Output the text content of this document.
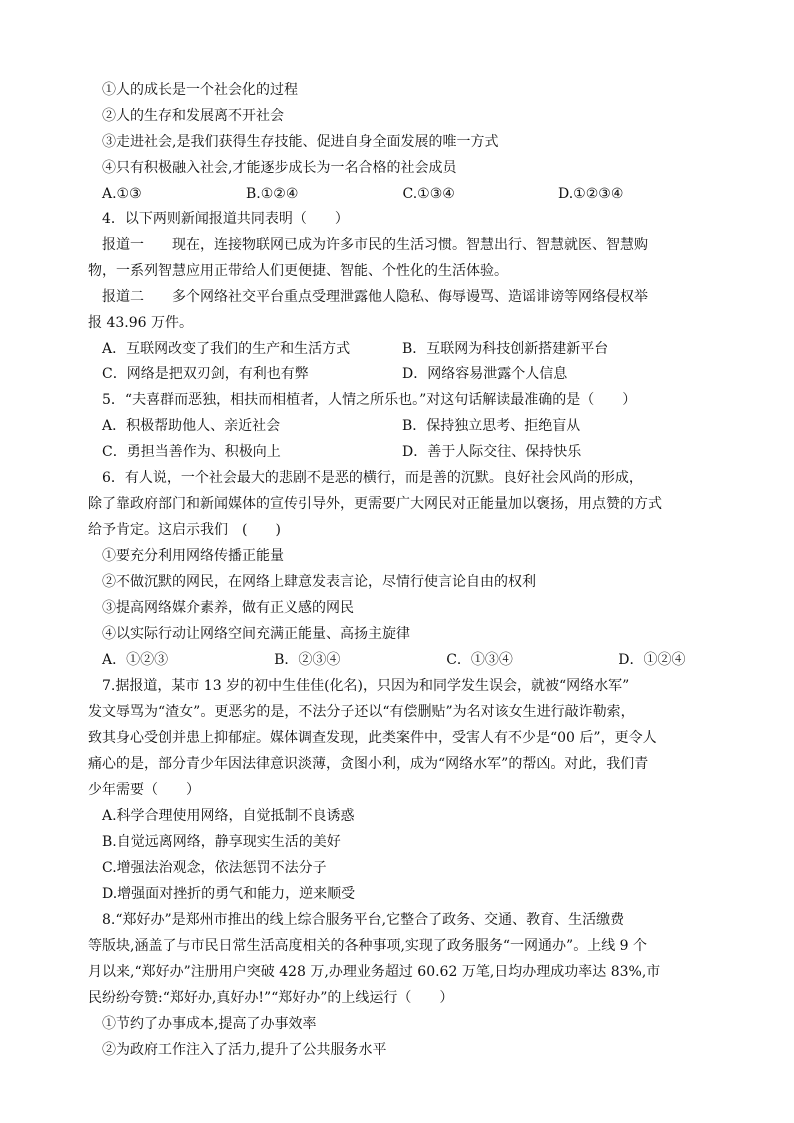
①人的成长是一个社会化的过程
②人的生存和发展离不开社会
③走进社会,是我们获得生存技能、促进自身全面发展的唯一方式
④只有积极融入社会,才能逐步成长为一名合格的社会成员
A.①③	B.①②④	C.①③④	D.①②③④
4．以下两则新闻报道共同表明（　　）
报道一　　现在，连接物联网已成为许多市民的生活习惯。智慧出行、智慧就医、智慧购
物，一系列智慧应用正带给人们更便捷、智能、个性化的生活体验。
报道二　　多个网络社交平台重点受理泄露他人隐私、侮辱谩骂、造谣诽谤等网络侵权举
报 43.96 万件。
A．互联网改变了我们的生产和生活方式	B．互联网为科技创新搭建新平台
C．网络是把双刃剑，有利也有弊	D．网络容易泄露个人信息
5．“夫喜群而恶独，相扶而相植者，人情之所乐也。”对这句话解读最准确的是（　　）
A．积极帮助他人、亲近社会	B．保持独立思考、拒绝盲从
C．勇担当善作为、积极向上	D．善于人际交往、保持快乐
6．有人说，一个社会最大的悲剧不是恶的横行，而是善的沉默。良好社会风尚的形成，
除了靠政府部门和新闻媒体的宣传引导外，更需要广大网民对正能量加以褒扬，用点赞的方式
给予肯定。这启示我们　(　　)
①要充分利用网络传播正能量
②不做沉默的网民，在网络上肆意发表言论，尽情行使言论自由的权利
③提高网络媒介素养，做有正义感的网民
④以实际行动让网络空间充满正能量、高扬主旋律
A．①②③	B．②③④	C．①③④	D．①②④
7.据报道，某市 13 岁的初中生佳佳(化名)，只因为和同学发生误会，就被“网络水军”
发文辱骂为“渣女”。更恶劣的是，不法分子还以“有偿删贴”为名对该女生进行敲诈勒索，
致其身心受创并患上抑郁症。媒体调查发现，此类案件中，受害人有不少是“00 后”，更令人
痛心的是，部分青少年因法律意识淡薄，贪图小利，成为“网络水军”的帮凶。对此，我们青
少年需要（　　）
A.科学合理使用网络，自觉抵制不良诱惑
B.自觉远离网络，静享现实生活的美好
C.增强法治观念，依法惩罚不法分子
D.增强面对挫折的勇气和能力，逆来顺受
8.“郑好办”是郑州市推出的线上综合服务平台,它整合了政务、交通、教育、生活缴费
等版块,涵盖了与市民日常生活高度相关的各种事项,实现了政务服务“一网通办”。上线 9 个
月以来,“郑好办”注册用户突破 428 万,办理业务超过 60.62 万笔,日均办理成功率达 83%,市
民纷纷夸赞:“郑好办,真好办!”“郑好办”的上线运行（　　）
①节约了办事成本,提高了办事效率
②为政府工作注入了活力,提升了公共服务水平
